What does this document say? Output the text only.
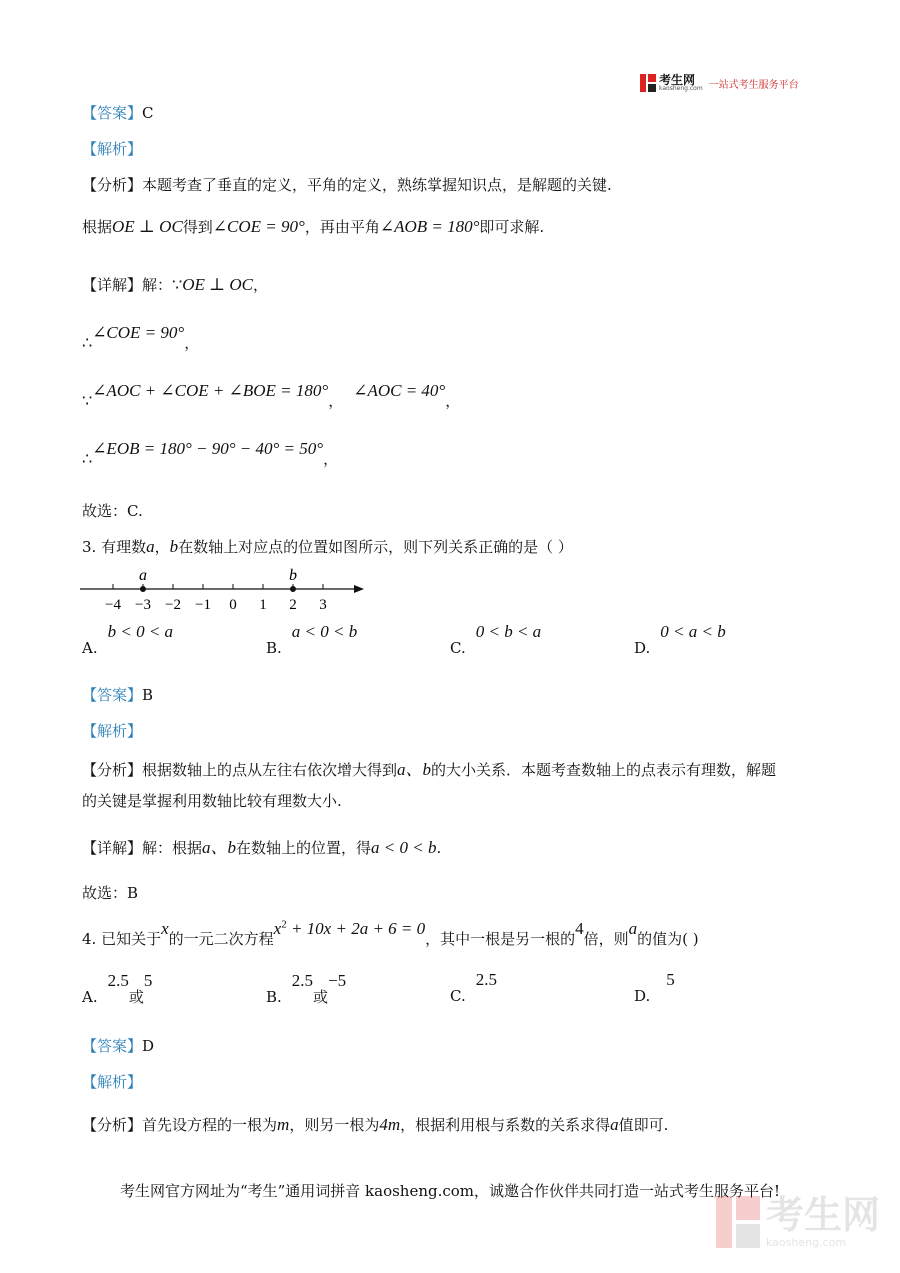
考生网
kaosheng.com 一站式考生服务平台
【答案】C
【解析】
【分析】本题考查了垂直的定义，平角的定义，熟练掌握知识点，是解题的关键.
根据OE ⊥ OC得到∠COE = 90°，再由平角∠AOB = 180°即可求解.
【详解】解：∵OE ⊥ OC，
∴∠COE = 90°，
∵∠AOC + ∠COE + ∠BOE = 180°，∠AOC = 40°，
∴∠EOB = 180° − 90° − 40° = 50°，
故选：C.
3. 有理数a，b在数轴上对应点的位置如图所示，则下列关系正确的是（ ）
−4 −3 −2 −1 0 1 2 3
a	b
A.b < 0 < a
B.a < 0 < b
C.0 < b < a
D.0 < a < b
【答案】B
【解析】
【分析】根据数轴上的点从左往右依次增大得到a、b的大小关系．本题考查数轴上的点表示有理数，解题
的关键是掌握利用数轴比较有理数大小.
【详解】解：根据a、b在数轴上的位置，得a < 0 < b.
故选：B
4. 已知关于x的一元二次方程$x^2 + 10x + 2a + 6 = 0$，其中一根是另一根的4倍，则a的值为( )
A.2.5或5
B.2.5或−5
C.2.5
D.5
【答案】D
【解析】
【分析】首先设方程的一根为m，则另一根为4m，根据利用根与系数的关系求得a值即可.
考生网官方网址为“考生”通用词拼音 kaosheng.com，诚邀合作伙伴共同打造一站式考生服务平台!
考生网
kaosheng.com
